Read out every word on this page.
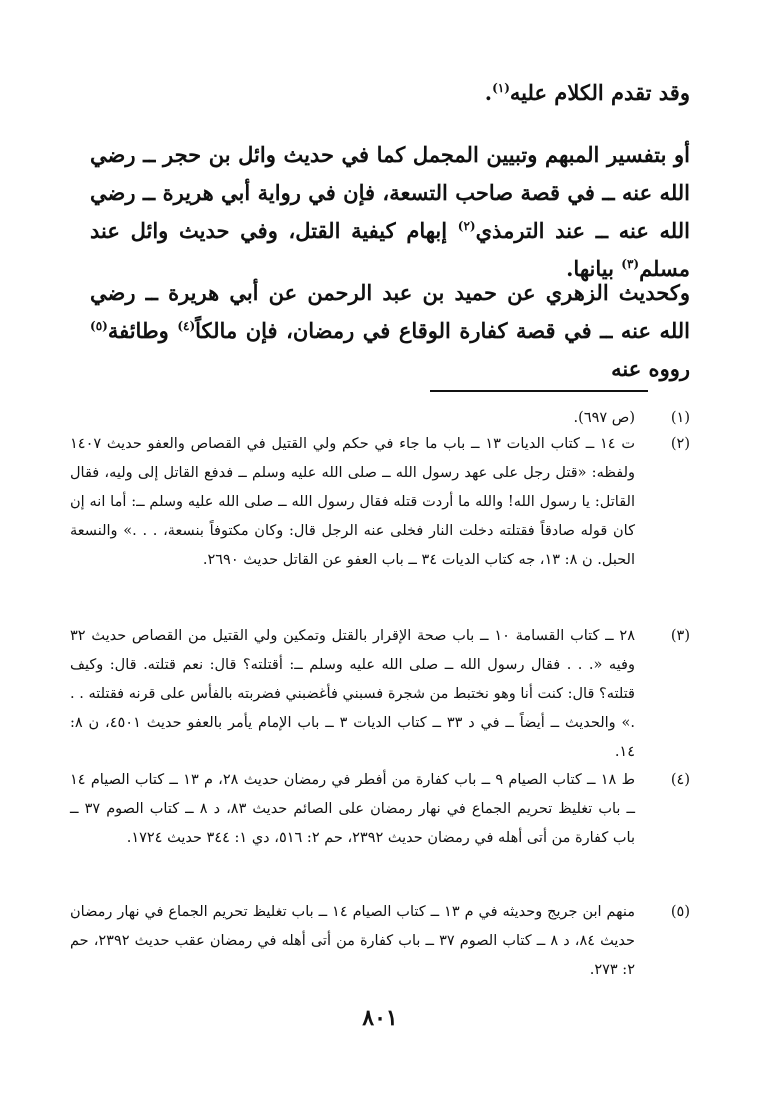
وقد تقدم الكلام عليه$^{(١)}$.

أو بتفسير المبهم وتبيين المجمل كما في حديث وائل بن حجر ــ رضي الله عنه ــ في قصة صاحب التسعة، فإن في رواية أبي هريرة ــ رضي الله عنه ــ عند الترمذي$^{(٢)}$ إبهام كيفية القتل، وفي حديث وائل عند مسلم$^{(٣)}$ بيانها.

وكحديث الزهري عن حميد بن عبد الرحمن عن أبي هريرة ــ رضي الله عنه ــ في قصة كفارة الوقاع في رمضان، فإن مالكاً$^{(٤)}$ وطائفة$^{(٥)}$ رووه عنه

(١)
(ص ٦٩٧).
(٢)
ت ١٤ ــ كتاب الديات ١٣ ــ باب ما جاء في حكم ولي القتيل في القصاص والعفو حديث ١٤٠٧ ولفظه: «قتل رجل على عهد رسول الله ــ صلى الله عليه وسلم ــ فدفع القاتل إلى وليه، فقال القاتل: يا رسول الله! والله ما أردت قتله فقال رسول الله ــ صلى الله عليه وسلم ــ: أما انه إن كان قوله صادقاً فقتلته دخلت النار فخلى عنه الرجل قال: وكان مكتوفاً بنسعة، . . .» والنسعة الحبل. ن ٨: ١٣، جه كتاب الديات ٣٤ ــ باب العفو عن القاتل حديث ٢٦٩٠.
(٣)
٢٨ ــ كتاب القسامة ١٠ ــ باب صحة الإقرار بالقتل وتمكين ولي القتيل من القصاص حديث ٣٢ وفيه «. . . فقال رسول الله ــ صلى الله عليه وسلم ــ: أقتلته؟ قال: نعم قتلته. قال: وكيف قتلته؟ قال: كنت أنا وهو نختبط من شجرة فسبني فأغضبني فضربته بالفأس على قرنه فقتلته . . .» والحديث ــ أيضاً ــ في د ٣٣ ــ كتاب الديات ٣ ــ باب الإمام يأمر بالعفو حديث ٤٥٠١، ن ٨: ١٤.
(٤)
ط ١٨ ــ كتاب الصيام ٩ ــ باب كفارة من أفطر في رمضان حديث ٢٨، م ١٣ ــ كتاب الصيام ١٤ ــ باب تغليظ تحريم الجماع في نهار رمضان على الصائم حديث ٨٣، د ٨ ــ كتاب الصوم ٣٧ ــ باب كفارة من أتى أهله في رمضان حديث ٢٣٩٢، حم ٢: ٥١٦، دي ١: ٣٤٤ حديث ١٧٢٤.
(٥)
منهم ابن جريج وحديثه في م ١٣ ــ كتاب الصيام ١٤ ــ باب تغليظ تحريم الجماع في نهار رمضان حديث ٨٤، د ٨ ــ كتاب الصوم ٣٧ ــ باب كفارة من أتى أهله في رمضان عقب حديث ٢٣٩٢، حم ٢: ٢٧٣.
٨٠١
